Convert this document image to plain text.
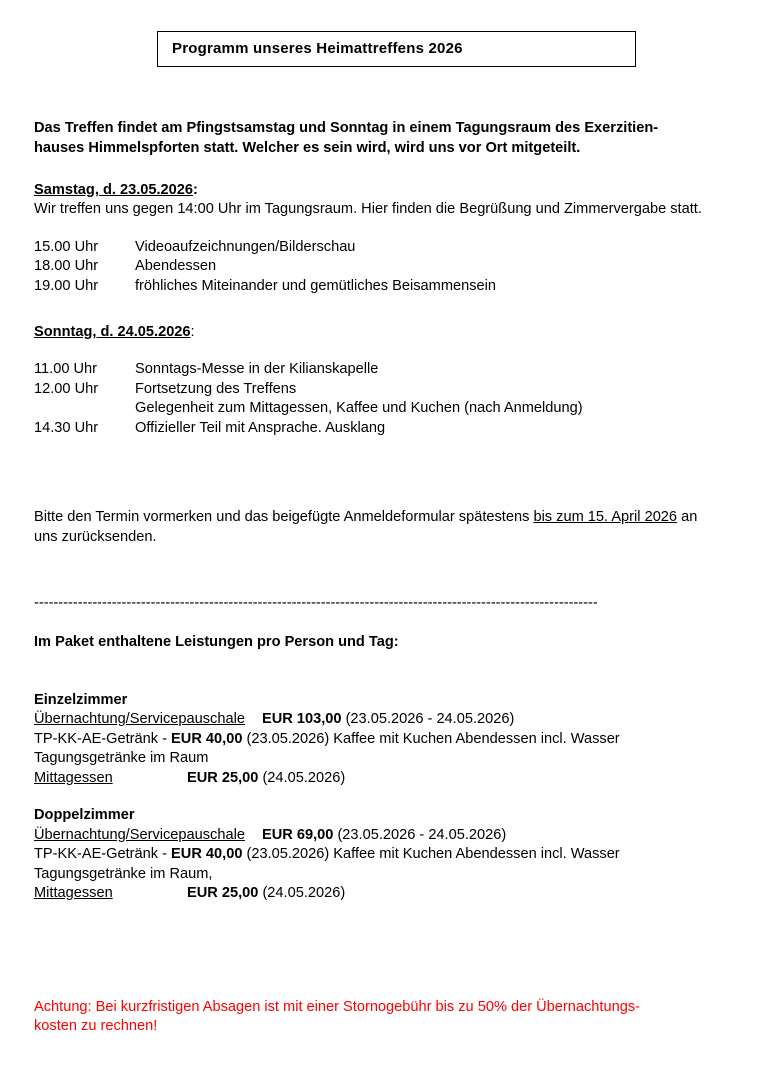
Programm unseres Heimattreffens 2026
Das Treffen findet am Pfingstsamstag und Sonntag in einem Tagungsraum des Exerzitien-
hauses Himmelspforten statt. Welcher es sein wird, wird uns vor Ort mitgeteilt.
Samstag, d. 23.05.2026:
Wir treffen uns gegen 14:00 Uhr im Tagungsraum. Hier finden die Begrüßung und Zimmervergabe statt.
15.00 Uhr	Videoaufzeichnungen/Bilderschau
18.00 Uhr	Abendessen
19.00 Uhr	fröhliches Miteinander und gemütliches Beisammensein
Sonntag, d. 24.05.2026:
11.00 Uhr	Sonntags-Messe in der Kilianskapelle
12.00 Uhr	Fortsetzung des Treffens
Gelegenheit zum Mittagessen, Kaffee und Kuchen (nach Anmeldung)
14.30 Uhr	Offizieller Teil mit Ansprache. Ausklang
Bitte den Termin vormerken und das beigefügte Anmeldeformular spätestens bis zum 15. April 2026 an uns zurücksenden.
--------------------------------------------------------------------------------------------------------------------
Im Paket enthaltene Leistungen pro Person und Tag:
Einzelzimmer
Übernachtung/Servicepauschale	EUR 103,00 (23.05.2026 - 24.05.2026)
TP-KK-AE-Getränk - EUR 40,00 (23.05.2026) Kaffee mit Kuchen Abendessen incl. Wasser
Tagungsgetränke im Raum
Mittagessen	EUR 25,00 (24.05.2026)
Doppelzimmer
Übernachtung/Servicepauschale	EUR 69,00 (23.05.2026 - 24.05.2026)
TP-KK-AE-Getränk - EUR 40,00 (23.05.2026) Kaffee mit Kuchen Abendessen incl. Wasser
Tagungsgetränke im Raum,
Mittagessen	EUR 25,00 (24.05.2026)
Achtung: Bei kurzfristigen Absagen ist mit einer Stornogebühr bis zu 50% der Übernachtungs-
kosten zu rechnen!
